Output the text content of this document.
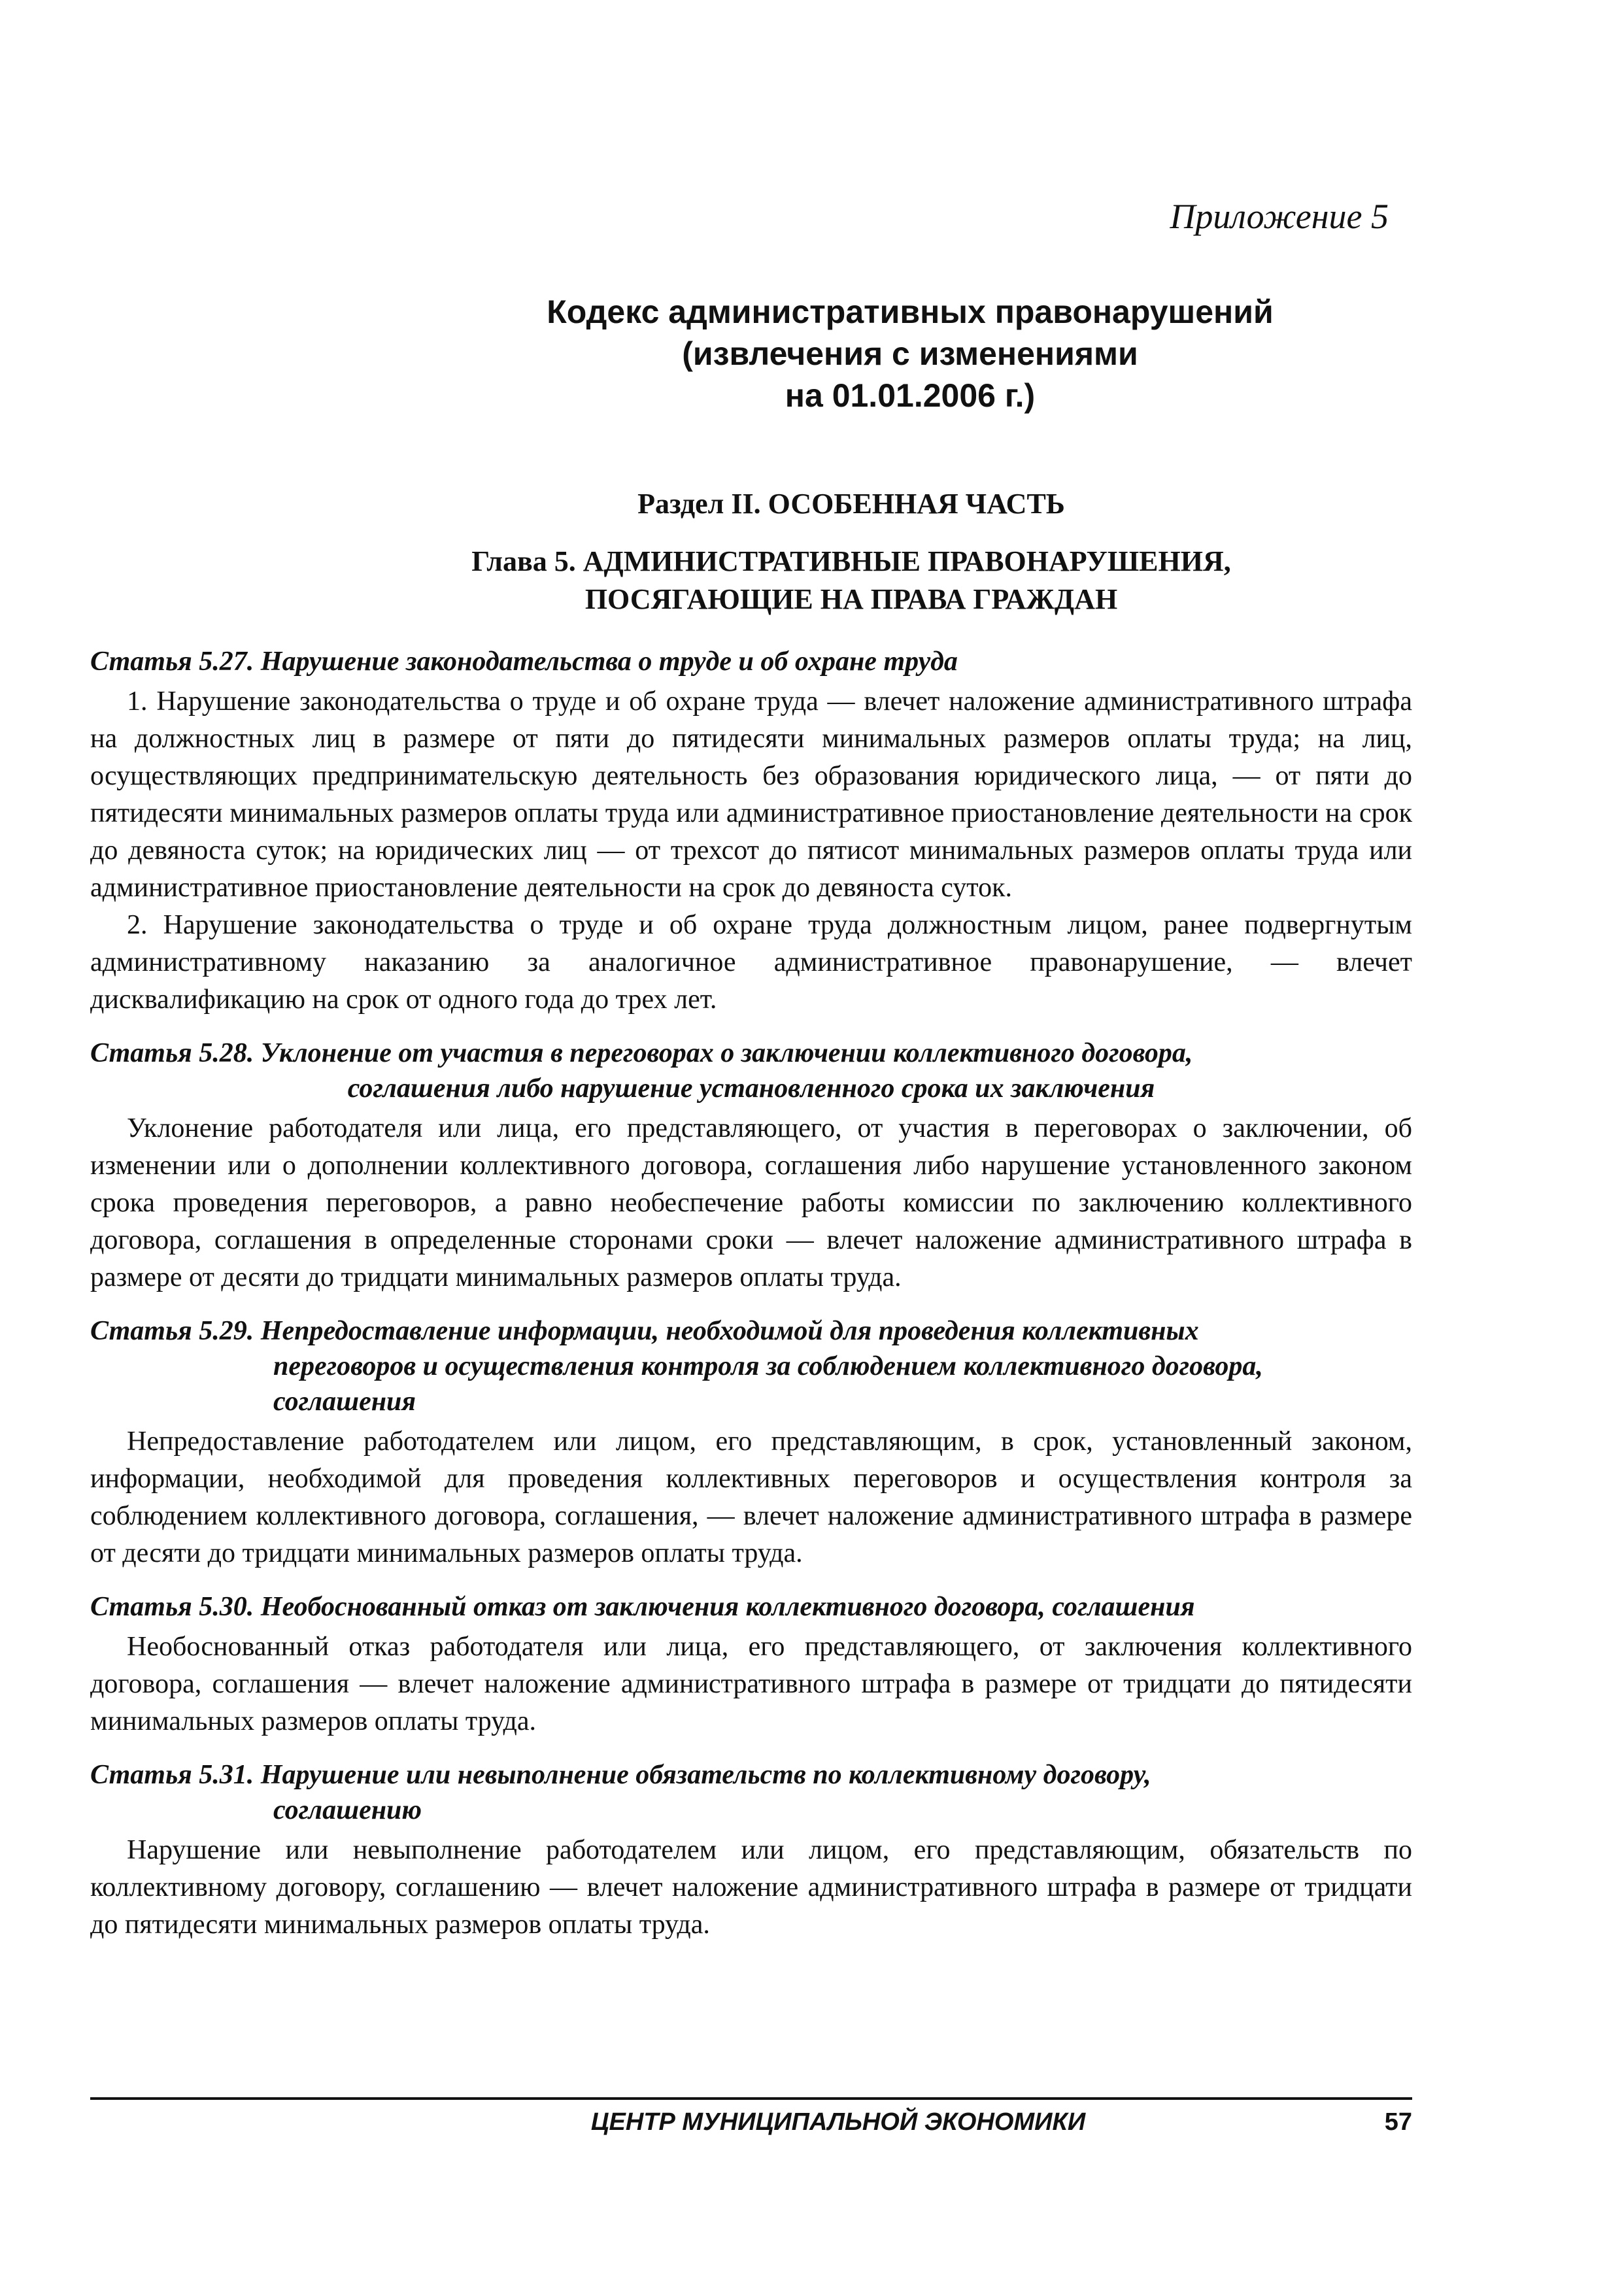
Приложение 5
Кодекс административных правонарушений
(извлечения с изменениями
на 01.01.2006 г.)
Раздел II. ОСОБЕННАЯ ЧАСТЬ
Глава 5. АДМИНИСТРАТИВНЫЕ ПРАВОНАРУШЕНИЯ,
ПОСЯГАЮЩИЕ НА ПРАВА ГРАЖДАН
Статья 5.27. Нарушение законодательства о труде и об охране труда

1. Нарушение законодательства о труде и об охране труда — влечет наложение административного штрафа на должностных лиц в размере от пяти до пятидесяти минимальных размеров оплаты труда; на лиц, осуществляющих предпринимательскую деятельность без образования юридического лица, — от пяти до пятидесяти минимальных размеров оплаты труда или административное приостановление деятельности на срок до девяноста суток; на юридических лиц — от трехсот до пятисот минимальных размеров оплаты труда или административное приостановление деятельности на срок до девяноста суток.

2. Нарушение законодательства о труде и об охране труда должностным лицом, ранее подвергнутым административному наказанию за аналогичное административное правонарушение, — влечет дисквалификацию на срок от одного года до трех лет.

Статья 5.28. Уклонение от участия в переговорах о заключении коллективного договора,
соглашения либо нарушение установленного срока их заключения

Уклонение работодателя или лица, его представляющего, от участия в переговорах о заключении, об изменении или о дополнении коллективного договора, соглашения либо нарушение установленного законом срока проведения переговоров, а равно необеспечение работы комиссии по заключению коллективного договора, соглашения в определенные сторонами сроки — влечет наложение административного штрафа в размере от десяти до тридцати минимальных размеров оплаты труда.

Статья 5.29. Непредоставление информации, необходимой для проведения коллективных
переговоров и осуществления контроля за соблюдением коллективного договора,
соглашения

Непредоставление работодателем или лицом, его представляющим, в срок, установленный законом, информации, необходимой для проведения коллективных переговоров и осуществления контроля за соблюдением коллективного договора, соглашения, — влечет наложение административного штрафа в размере от десяти до тридцати минимальных размеров оплаты труда.

Статья 5.30. Необоснованный отказ от заключения коллективного договора, соглашения

Необоснованный отказ работодателя или лица, его представляющего, от заключения коллективного договора, соглашения — влечет наложение административного штрафа в размере от тридцати до пятидесяти минимальных размеров оплаты труда.

Статья 5.31. Нарушение или невыполнение обязательств по коллективному договору,
соглашению

Нарушение или невыполнение работодателем или лицом, его представляющим, обязательств по коллективному договору, соглашению — влечет наложение административного штрафа в размере от тридцати до пятидесяти минимальных размеров оплаты труда.

ЦЕНТР МУНИЦИПАЛЬНОЙ ЭКОНОМИКИ	57
